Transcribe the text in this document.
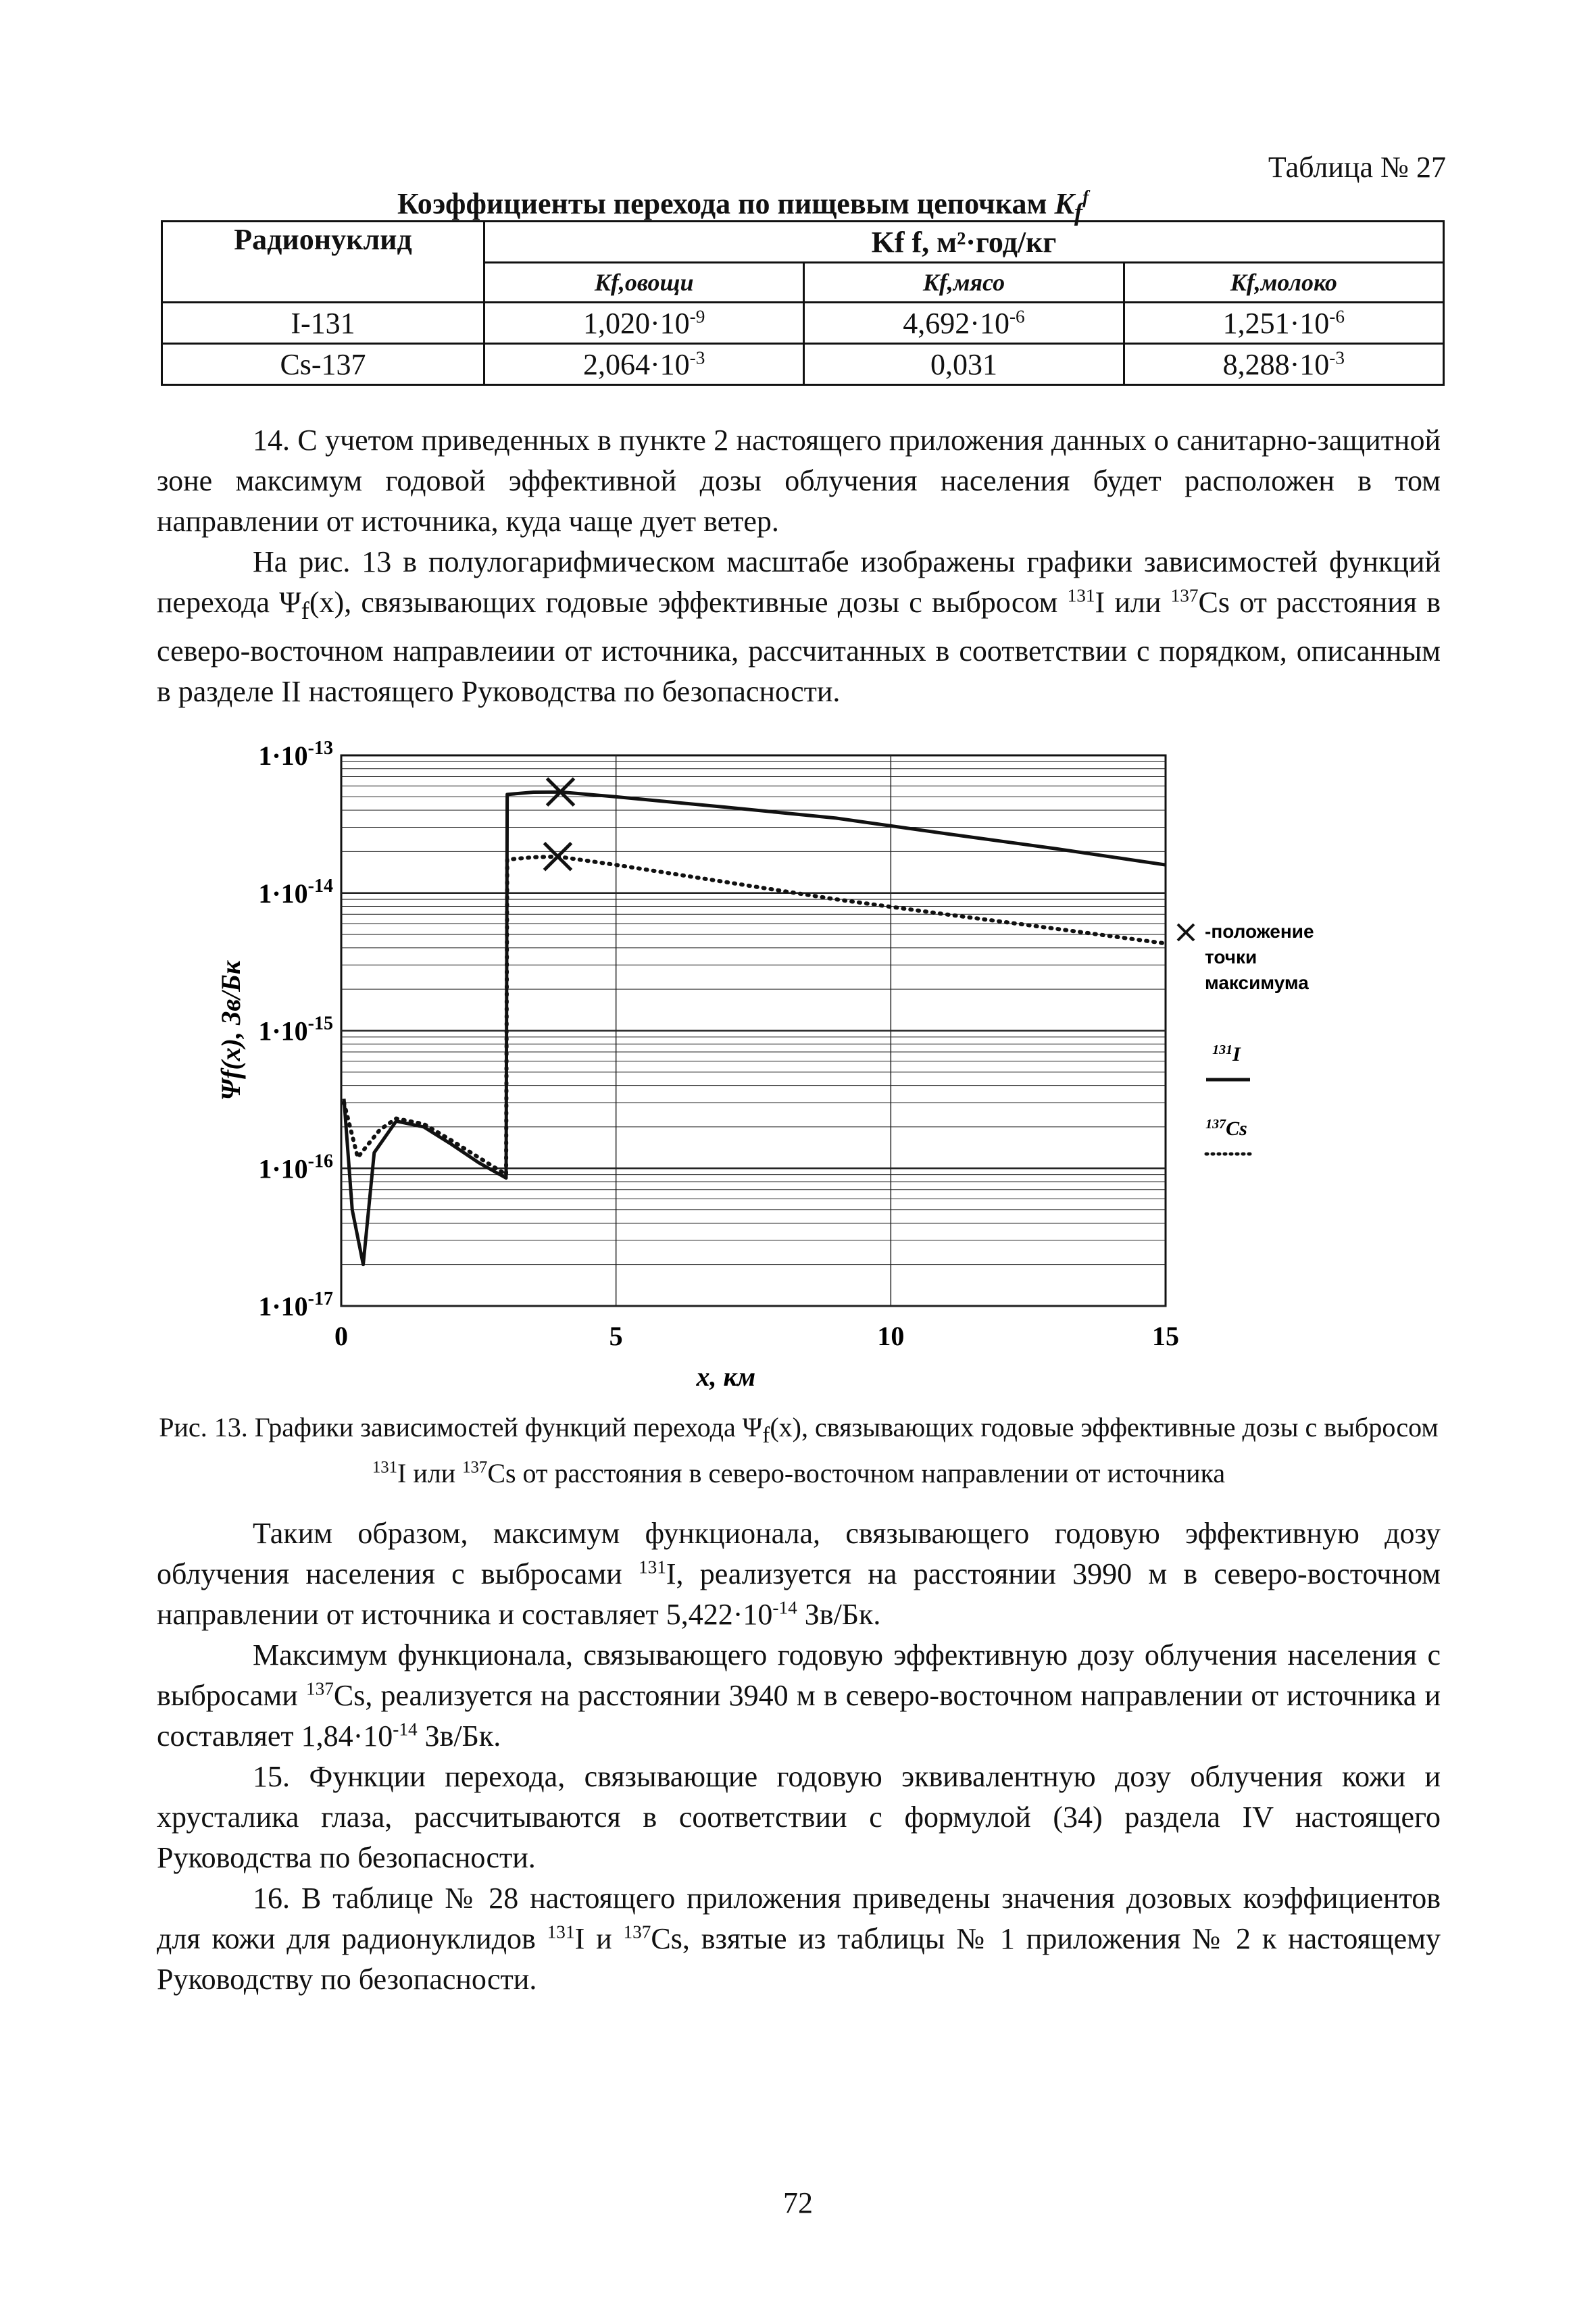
Таблица № 27
Коэффициенты перехода по пищевым цепочкам $K_f^f$
Радионуклид	Kf f, м²·год/кг		
	Kf,овощи	Kf,мясо	Kf,молоко
I-131	$1,020\cdot 10^{-9}$	$4,692\cdot 10^{-6}$	$1,251\cdot 10^{-6}$
Cs-137	$2,064\cdot 10^{-3}$	0,031	$8,288\cdot 10^{-3}$

14. С учетом приведенных в пункте 2 настоящего приложения данных о санитарно-защитной зоне максимум годовой эффективной дозы облучения населения будет расположен в том направлении от источника, куда чаще дует ветер.

На рис. 13 в полулогарифмическом масштабе изображены графики зависимостей функций перехода $\Psi_f(x)$, связывающих годовые эффективные дозы с выбросом $^{131}$I или $^{137}$Cs от расстояния в северо-восточном направлеиии от источника, рассчитанных в соответствии с порядком, описанным в разделе II настоящего Руководства по безопасности.

$1\cdot 10^{-13}$
$1\cdot 10^{-14}$
$1\cdot 10^{-15}$
$1\cdot 10^{-16}$
$1\cdot 10^{-17}$
0	5	10	15
x, км
Ψf(x), Зв/Бк
-положение
точки
максимума
$^{131}$I
$^{137}$Cs

Рис. 13. Графики зависимостей функций перехода $\Psi_f(x)$, связывающих годовые эффективные дозы с выбросом $^{131}$I или $^{137}$Cs от расстояния в северо-восточном направлении от источника

Таким образом, максимум функционала, связывающего годовую эффективную дозу облучения населения с выбросами $^{131}$I, реализуется на расстоянии 3990 м в северо-восточном направлении от источника и составляет $5,422\cdot 10^{-14}$ Зв/Бк.

Максимум функционала, связывающего годовую эффективную дозу облучения населения с выбросами $^{137}$Cs, реализуется на расстоянии 3940 м в северо-восточном направлении от источника и составляет $1,84\cdot 10^{-14}$ Зв/Бк.

15. Функции перехода, связывающие годовую эквивалентную дозу облучения кожи и хрусталика глаза, рассчитываются в соответствии с формулой (34) раздела IV настоящего Руководства по безопасности.

16. В таблице № 28 настоящего приложения приведены значения дозовых коэффициентов для кожи для радионуклидов $^{131}$I и $^{137}$Cs, взятые из таблицы № 1 приложения № 2 к настоящему Руководству по безопасности.

72
